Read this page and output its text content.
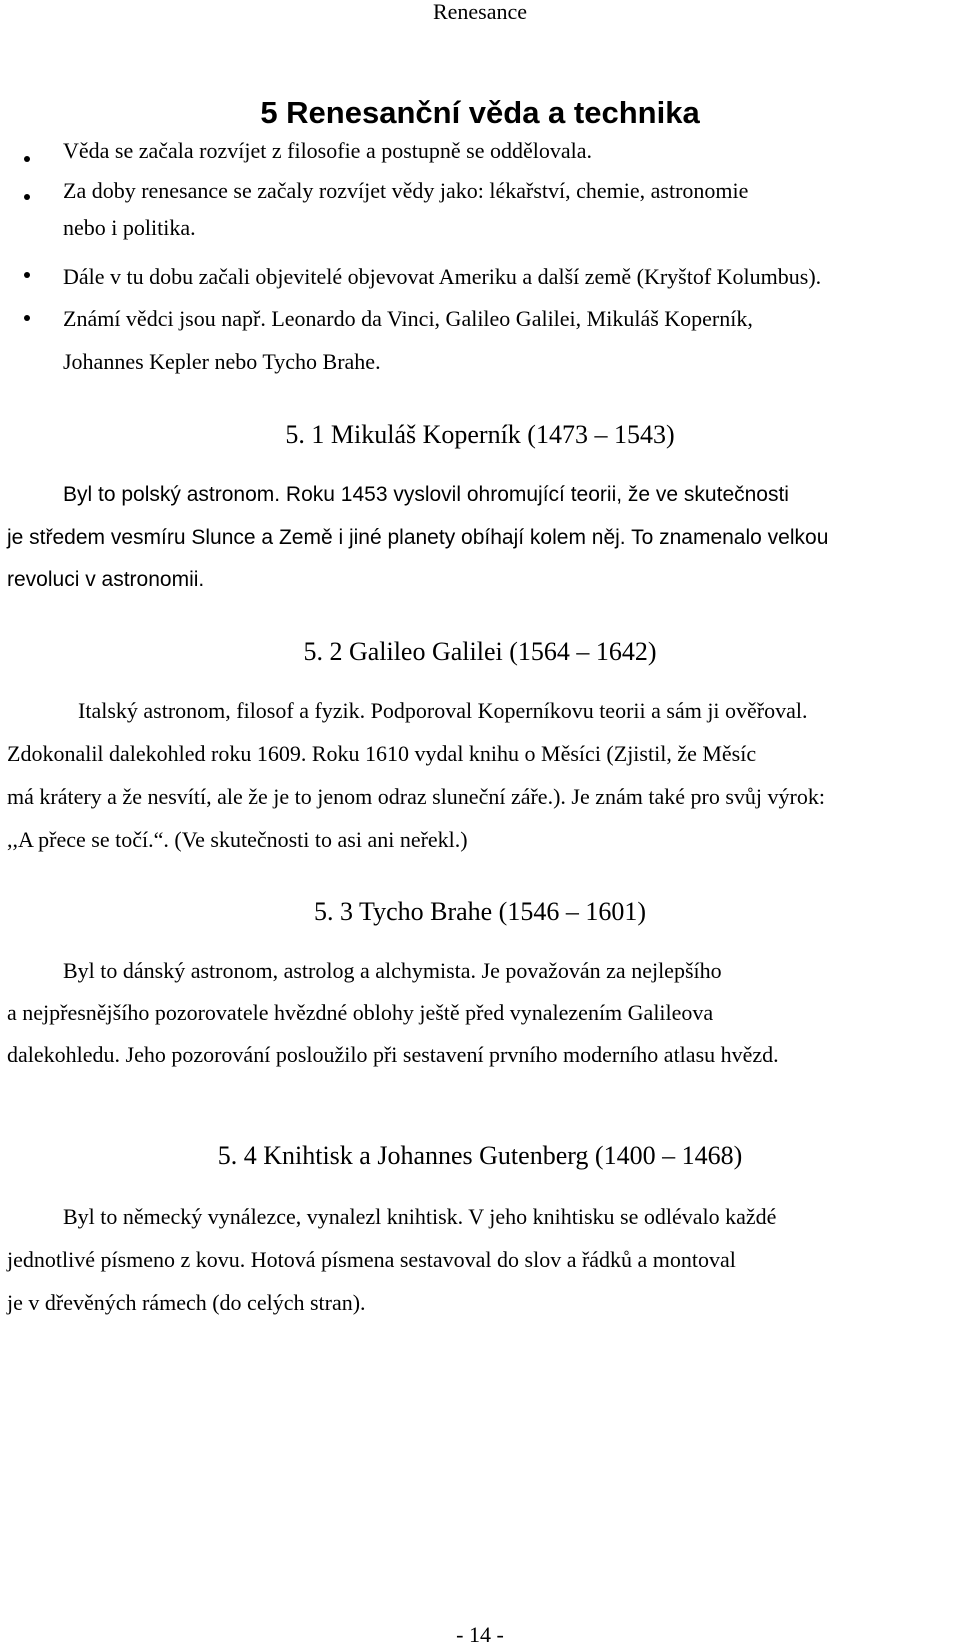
Renesance
5 Renesanční věda a technika
Věda se začala rozvíjet z filosofie a postupně se oddělovala.
Za doby renesance se začaly rozvíjet vědy jako: lékařství, chemie, astronomie
nebo i politika.
Dále v tu dobu začali objevitelé objevovat Ameriku a další země (Kryštof Kolumbus).
Známí vědci jsou např. Leonardo da Vinci, Galileo Galilei, Mikuláš Koperník,
Johannes Kepler nebo Tycho Brahe.
5. 1 Mikuláš Koperník (1473 – 1543)
Byl to polský astronom. Roku 1453 vyslovil ohromující teorii, že ve skutečnosti
je středem vesmíru Slunce a Země i jiné planety obíhají kolem něj. To znamenalo velkou
revoluci v astronomii.
5. 2 Galileo Galilei (1564 – 1642)
Italský astronom, filosof a fyzik. Podporoval Koperníkovu teorii a sám ji ověřoval.
Zdokonalil dalekohled roku 1609. Roku 1610 vydal knihu o Měsíci (Zjistil, že Měsíc
má krátery a že nesvítí, ale že je to jenom odraz sluneční záře.). Je znám také pro svůj výrok:
,,A přece se točí.“. (Ve skutečnosti to asi ani neřekl.)
5. 3 Tycho Brahe (1546 – 1601)
Byl to dánský astronom, astrolog a alchymista. Je považován za nejlepšího
a nejpřesnějšího pozorovatele hvězdné oblohy ještě před vynalezením Galileova
dalekohledu. Jeho pozorování posloužilo při sestavení prvního moderního atlasu hvězd.
5. 4 Knihtisk a Johannes Gutenberg (1400 – 1468)
Byl to německý vynálezce, vynalezl knihtisk. V jeho knihtisku se odlévalo každé
jednotlivé písmeno z kovu. Hotová písmena sestavoval do slov a řádků a montoval
je v dřevěných rámech (do celých stran).
- 14 -
